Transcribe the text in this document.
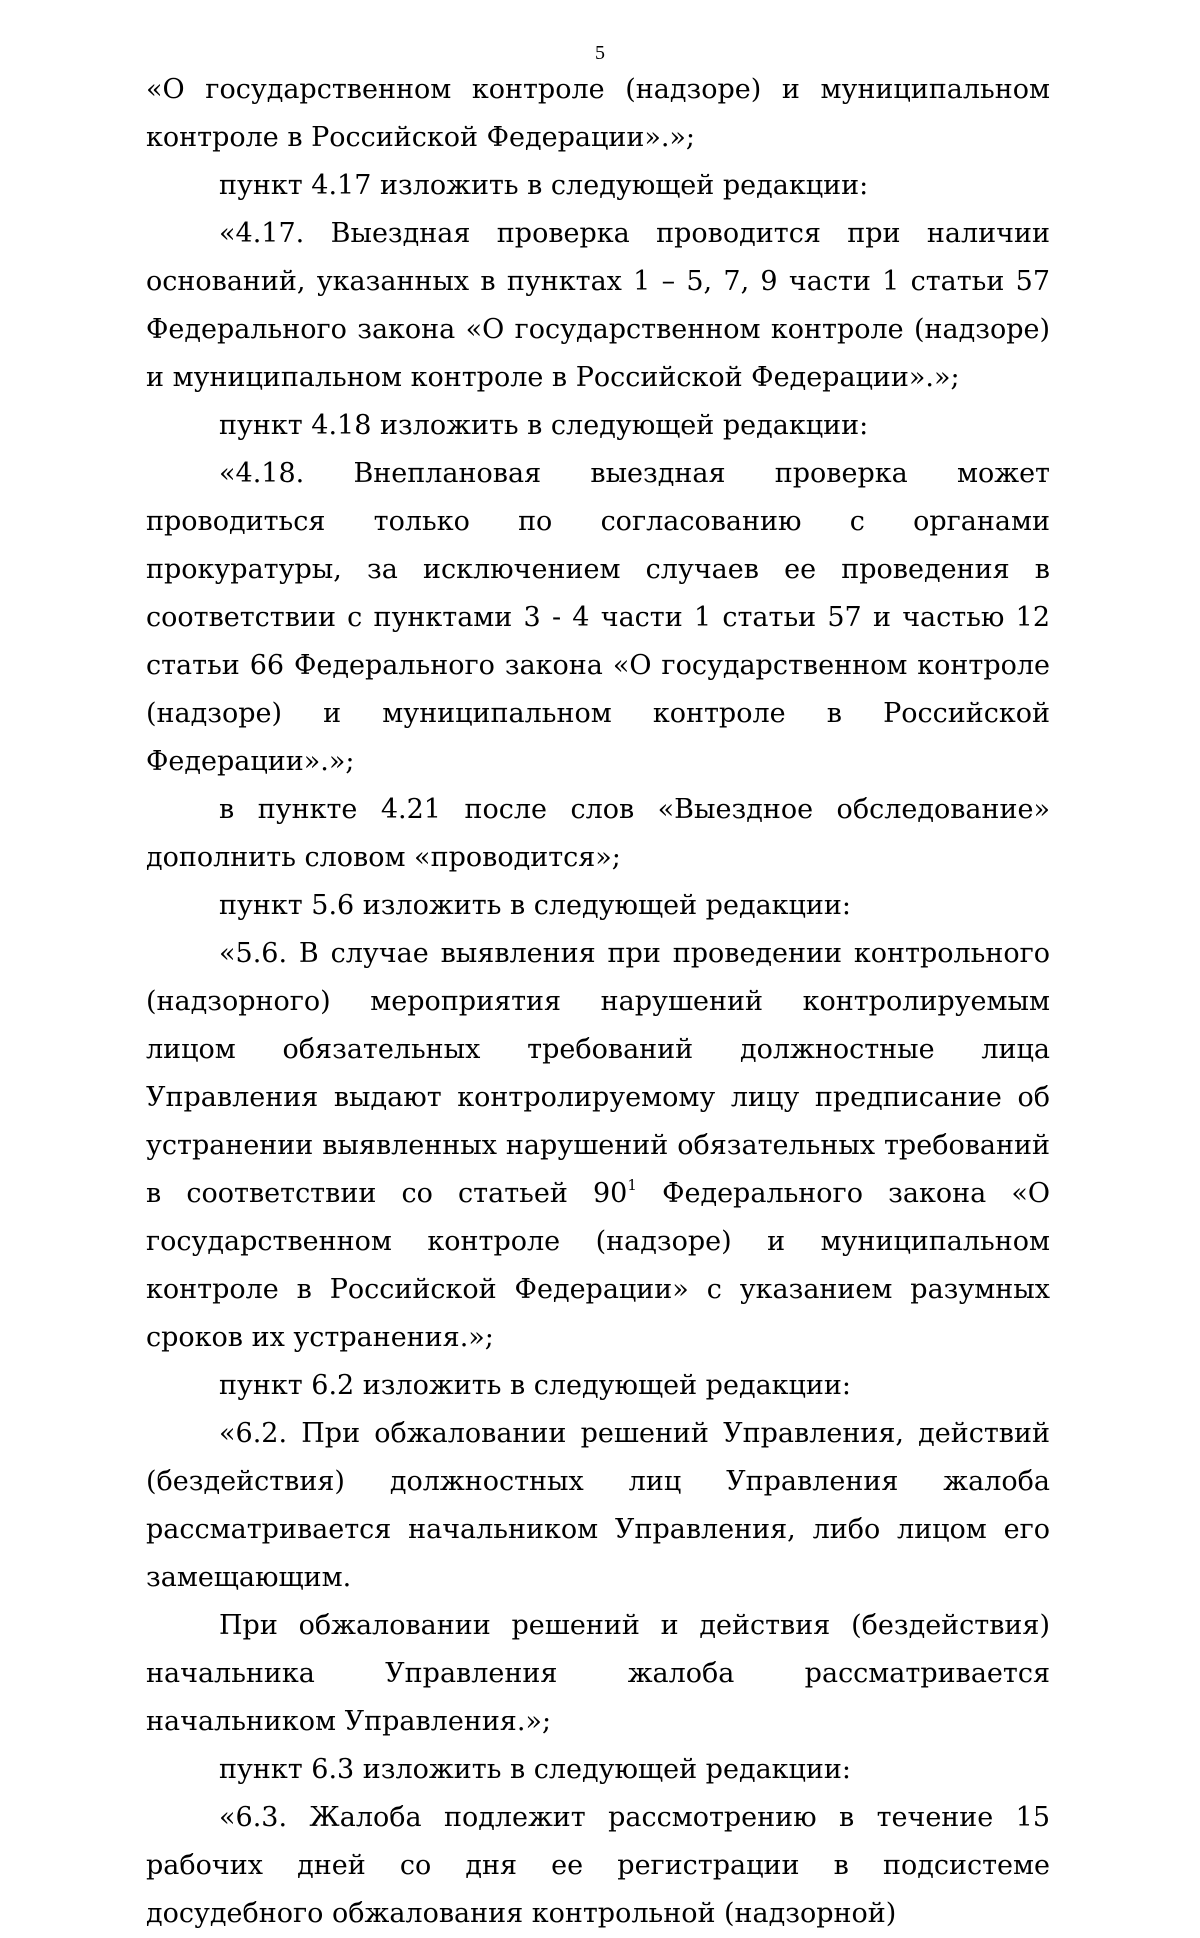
5

«О государственном контроле (надзоре) и муниципальном контроле в Российской Федерации».»;

пункт 4.17 изложить в следующей редакции:

«4.17. Выездная проверка проводится при наличии оснований, указанных в пунктах 1 – 5, 7, 9 части 1 статьи 57 Федерального закона «О государственном контроле (надзоре) и муниципальном контроле в Российской Федерации».»;

пункт 4.18 изложить в следующей редакции:

«4.18. Внеплановая выездная проверка может проводиться только по согласованию с органами прокуратуры, за исключением случаев ее проведения в соответствии с пунктами 3 - 4 части 1 статьи 57 и частью 12 статьи 66 Федерального закона «О государственном контроле (надзоре) и муниципальном контроле в Российской Федерации».»;

в пункте 4.21 после слов «Выездное обследование» дополнить словом «проводится»;

пункт 5.6 изложить в следующей редакции:

«5.6. В случае выявления при проведении контрольного (надзорного) мероприятия нарушений контролируемым лицом обязательных требований должностные лица Управления выдают контролируемому лицу предписание об устранении выявленных нарушений обязательных требований в соответствии со статьей $90^1$ Федерального закона «О государственном контроле (надзоре) и муниципальном контроле в Российской Федерации» с указанием разумных сроков их устранения.»;

пункт 6.2 изложить в следующей редакции:

«6.2. При обжаловании решений Управления, действий (бездействия) должностных лиц Управления жалоба рассматривается начальником Управления, либо лицом его замещающим.

При обжаловании решений и действия (бездействия) начальника Управления жалоба рассматривается начальником Управления.»;

пункт 6.3 изложить в следующей редакции:

«6.3. Жалоба подлежит рассмотрению в течение 15 рабочих дней со дня ее регистрации в подсистеме досудебного обжалования контрольной (надзорной)
